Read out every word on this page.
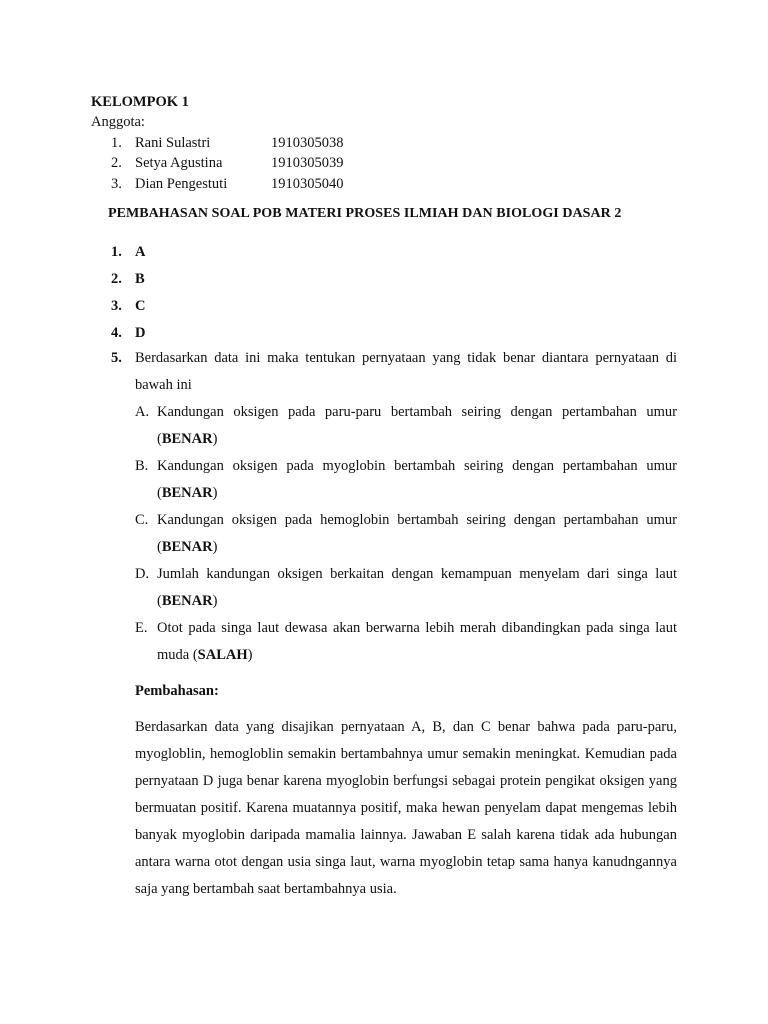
KELOMPOK 1
Anggota:
1. Rani Sulastri	1910305038
2. Setya Agustina	1910305039
3. Dian Pengestuti	1910305040
PEMBAHASAN SOAL POB MATERI PROSES ILMIAH DAN BIOLOGI DASAR 2
1. A
2. B
3. C
4. D
5. Berdasarkan data ini maka tentukan pernyataan yang tidak benar diantara pernyataan di bawah ini
A. Kandungan oksigen pada paru-paru bertambah seiring dengan pertambahan umur
(BENAR)
B. Kandungan oksigen pada myoglobin bertambah seiring dengan pertambahan umur
(BENAR)
C. Kandungan oksigen pada hemoglobin bertambah seiring dengan pertambahan umur
(BENAR)
D. Jumlah kandungan oksigen berkaitan dengan kemampuan menyelam dari singa laut
(BENAR)
E. Otot pada singa laut dewasa akan berwarna lebih merah dibandingkan pada singa laut
muda (SALAH)
Pembahasan:
Berdasarkan data yang disajikan pernyataan A, B, dan C benar bahwa pada paru-paru, myogloblin, hemogloblin semakin bertambahnya umur semakin meningkat. Kemudian pada pernyataan D juga benar karena myoglobin berfungsi sebagai protein pengikat oksigen yang bermuatan positif. Karena muatannya positif, maka hewan penyelam dapat mengemas lebih banyak myoglobin daripada mamalia lainnya. Jawaban E salah karena tidak ada hubungan antara warna otot dengan usia singa laut, warna myoglobin tetap sama hanya kanudngannya saja yang bertambah saat bertambahnya usia.
